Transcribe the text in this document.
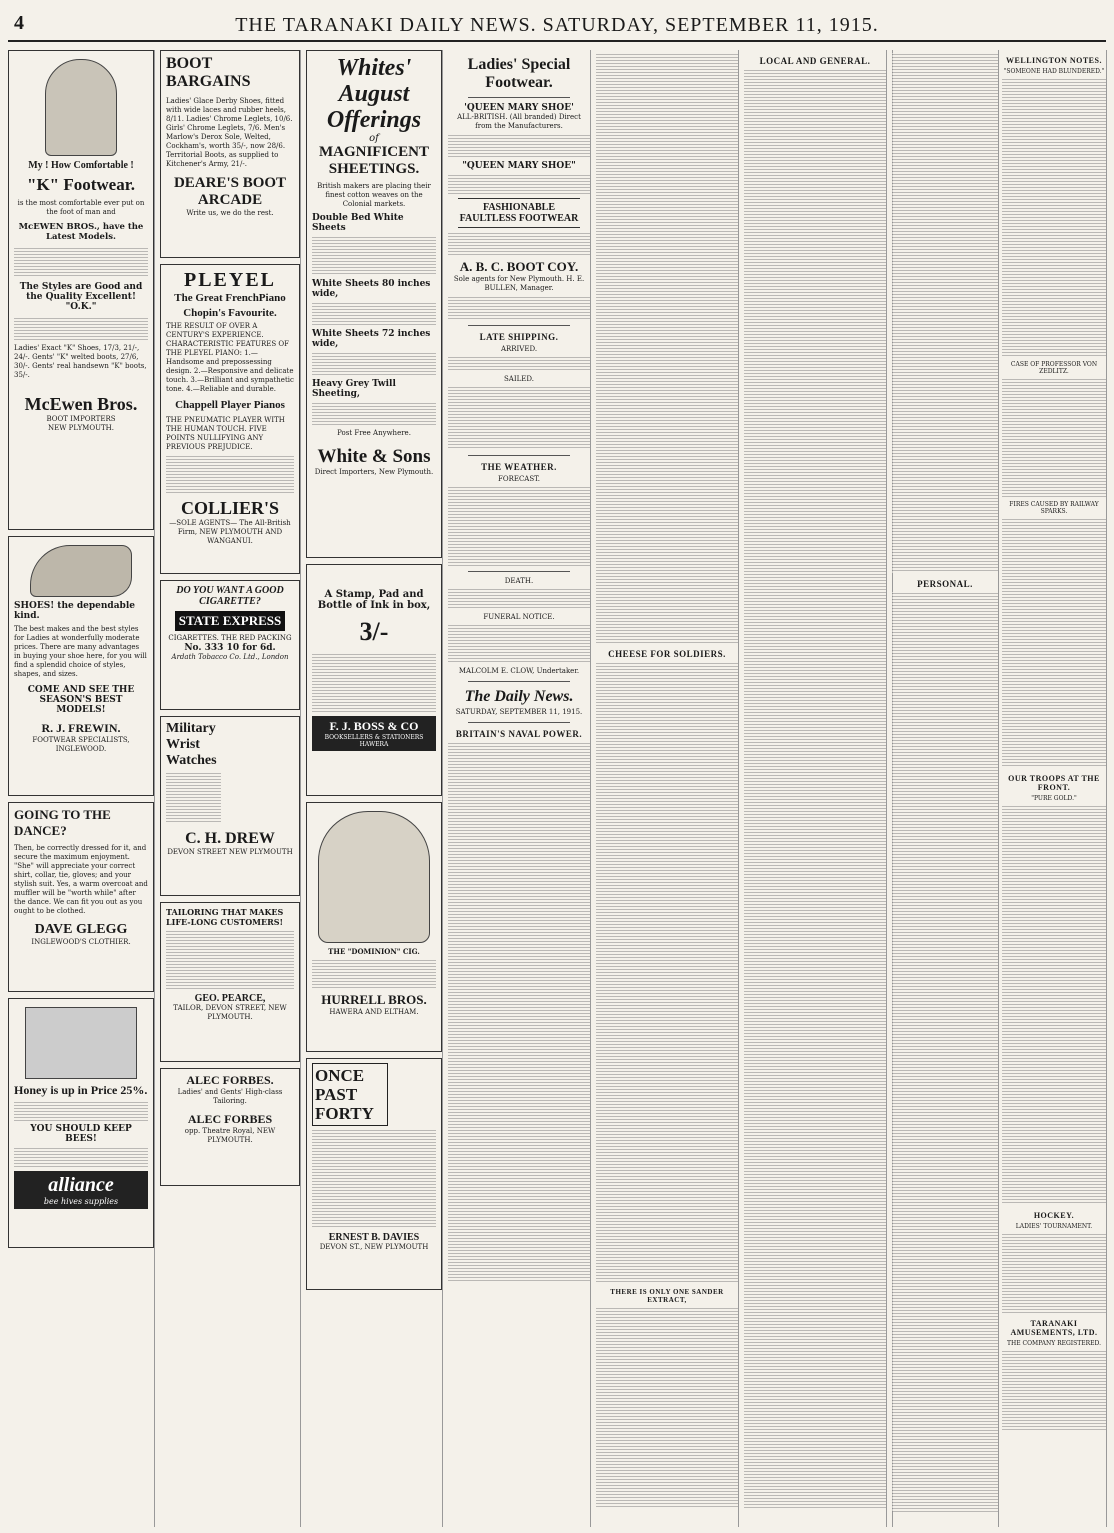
4	THE TARANAKI DAILY NEWS. SATURDAY, SEPTEMBER 11, 1915.
My ! How Comfortable !
"K" Footwear.
is the most comfortable ever put on the foot of man and
McEWEN BROS., have the Latest Models.
The Styles are Good and the Quality Excellent! "O.K."
Ladies' Exact "K" Shoes, 17/3, 21/-, 24/-. Gents' "K" welted boots, 27/6, 30/-. Gents' real handsewn "K" boots, 35/-.
McEwen Bros.
BOOT IMPORTERS
NEW PLYMOUTH.
SHOES! the dependable kind.
The best makes and the best styles for Ladies at wonderfully moderate prices. There are many advantages in buying your shoe here, for you will find a splendid choice of styles, shapes, and sizes.
COME AND SEE THE SEASON'S BEST MODELS!
R. J. FREWIN.
FOOTWEAR SPECIALISTS, INGLEWOOD.
GOING TO THE DANCE?
Then, be correctly dressed for it, and secure the maximum enjoyment. "She" will appreciate your correct shirt, collar, tie, gloves; and your stylish suit. Yes, a warm overcoat and muffler will be "worth while" after the dance. We can fit you out as you ought to be clothed.
DAVE GLEGG
INGLEWOOD'S CLOTHIER.
Honey is up in Price 25%.
YOU SHOULD KEEP BEES!
alliance
bee hives supplies
BOOT BARGAINS
Ladies' Glace Derby Shoes, fitted with wide laces and rubber heels, 8/11. Ladies' Chrome Leglets, 10/6. Girls' Chrome Leglets, 7/6. Men's Marlow's Derox Sole, Welted, Cockham's, worth 35/-, now 28/6. Territorial Boots, as supplied to Kitchener's Army, 21/-.
DEARE'S BOOT ARCADE
Write us, we do the rest.
PLEYEL
The Great FrenchPiano
Chopin's Favourite.
THE RESULT OF OVER A CENTURY'S EXPERIENCE. CHARACTERISTIC FEATURES OF THE PLEYEL PIANO: 1.—Handsome and prepossessing design. 2.—Responsive and delicate touch. 3.—Brilliant and sympathetic tone. 4.—Reliable and durable.
Chappell Player Pianos
THE PNEUMATIC PLAYER WITH THE HUMAN TOUCH. FIVE POINTS NULLIFYING ANY PREVIOUS PREJUDICE.
COLLIER'S
—SOLE AGENTS— The All-British Firm, NEW PLYMOUTH AND WANGANUI.
DO YOU WANT A GOOD CIGARETTE?
STATE EXPRESS
CIGARETTES. THE RED PACKING
No. 333 10 for 6d.
Ardath Tobacco Co. Ltd., London
Military Wrist Watches
C. H. DREW
DEVON STREET NEW PLYMOUTH
TAILORING THAT MAKES LIFE-LONG CUSTOMERS!
GEO. PEARCE,
TAILOR, DEVON STREET, NEW PLYMOUTH.
ALEC FORBES.
Ladies' and Gents' High-class Tailoring.
ALEC FORBES
opp. Theatre Royal, NEW PLYMOUTH.
Whites' August Offerings
of
MAGNIFICENT SHEETINGS.
British makers are placing their finest cotton weaves on the Colonial markets.
Double Bed White Sheets
White Sheets 80 inches wide,
White Sheets 72 inches wide,
Heavy Grey Twill Sheeting,
Post Free Anywhere.
White & Sons
Direct Importers, New Plymouth.
A Stamp, Pad and Bottle of Ink in box,
3/-
F. J. BOSS & CO
BOOKSELLERS & STATIONERS HAWERA
THE "DOMINION" CIG.
HURRELL BROS.
HAWERA AND ELTHAM.
ONCE PAST FORTY
ERNEST B. DAVIES
DEVON ST., NEW PLYMOUTH
Ladies' Special Footwear.
'QUEEN MARY SHOE'
ALL-BRITISH. (All branded) Direct from the Manufacturers.
"QUEEN MARY SHOE"
FASHIONABLE FAULTLESS FOOTWEAR
A. B. C. BOOT COY.
Sole agents for New Plymouth. H. E. BULLEN, Manager.
LATE SHIPPING.
ARRIVED.
SAILED.
THE WEATHER.
FORECAST.
DEATH.
FUNERAL NOTICE.
MALCOLM E. CLOW, Undertaker.
The Daily News.
SATURDAY, SEPTEMBER 11, 1915.
BRITAIN'S NAVAL POWER.
CHEESE FOR SOLDIERS.
THERE IS ONLY ONE SANDER EXTRACT,
LOCAL AND GENERAL.
PERSONAL.
WELLINGTON NOTES.
"SOMEONE HAD BLUNDERED."
CASE OF PROFESSOR VON ZEDLITZ.
FIRES CAUSED BY RAILWAY SPARKS.
OUR TROOPS AT THE FRONT.
"PURE GOLD."
HOCKEY.
LADIES' TOURNAMENT.
TARANAKI AMUSEMENTS, LTD.
THE COMPANY REGISTERED.
